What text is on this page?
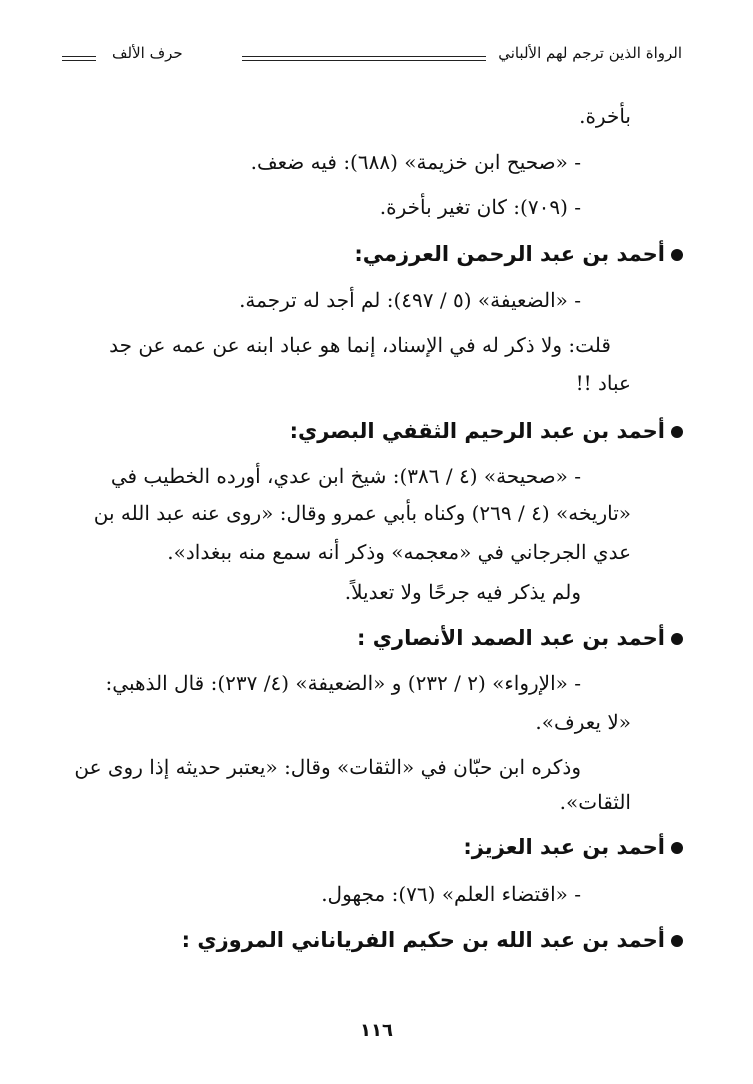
الرواة الذين ترجم لهم الألباني
حرف الألف
بأخرة.
- «صحيح ابن خزيمة» (٦٨٨): فيه ضعف.
- (٧٠٩): كان تغير بأخرة.
أحمد بن عبد الرحمن العرزمي:
- «الضعيفة» (٥ / ٤٩٧): لم أجد له ترجمة.
قلت: ولا ذكر له في الإسناد، إنما هو عباد ابنه عن عمه عن جد
عباد !!
أحمد بن عبد الرحيم الثقفي البصري:
- «صحيحة» (٤ / ٣٨٦): شيخ ابن عدي، أورده الخطيب في
«تاريخه» (٤ / ٢٦٩) وكناه بأبي عمرو وقال: «روى عنه عبد الله بن
عدي الجرجاني في «معجمه» وذكر أنه سمع منه ببغداد».
ولم يذكر فيه جرحًا ولا تعديلاً.
أحمد بن عبد الصمد الأنصاري :
- «الإرواء» (٢ / ٢٣٢) و «الضعيفة» (٤/ ٢٣٧): قال الذهبي:
«لا يعرف».
وذكره ابن حبّان في «الثقات» وقال: «يعتبر حديثه إذا روى عن
الثقات».
أحمد بن عبد العزيز:
- «اقتضاء العلم» (٧٦): مجهول.
أحمد بن عبد الله بن حكيم الفرياناني المروزي :
١١٦
